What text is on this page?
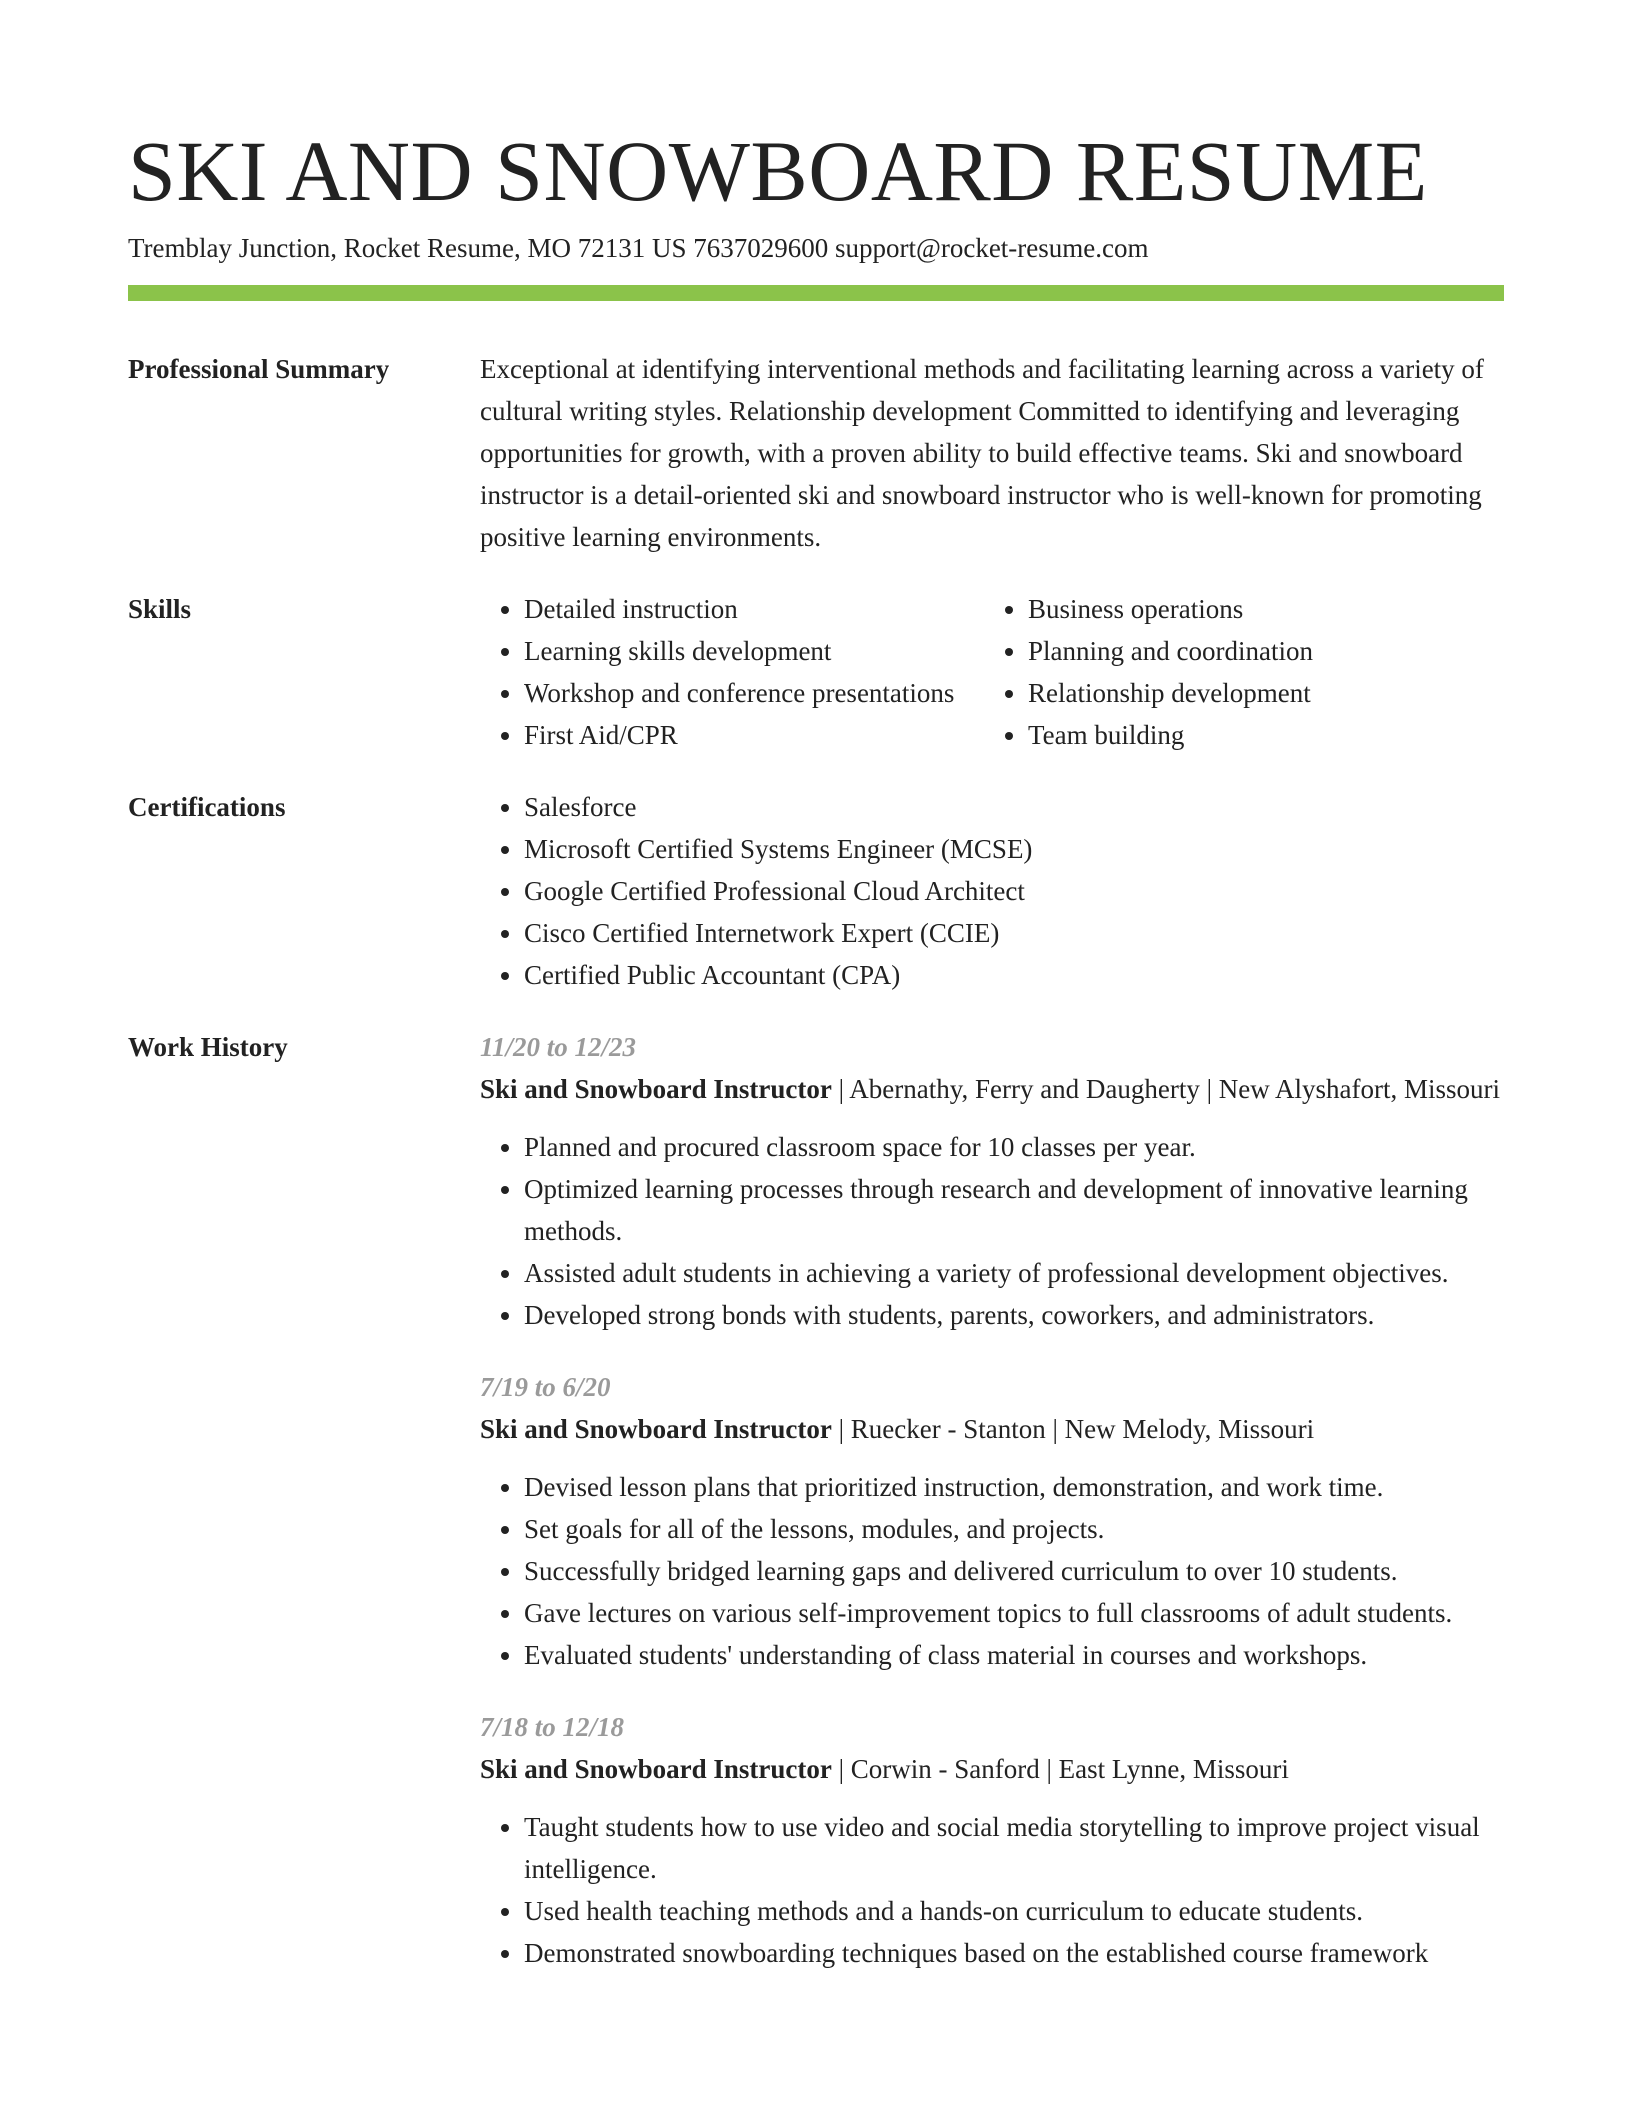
SKI AND SNOWBOARD RESUME
Tremblay Junction, Rocket Resume, MO 72131 US 7637029600 support@rocket-resume.com
Professional Summary	Exceptional at identifying interventional methods and facilitating learning across a variety of cultural writing styles. Relationship development Committed to identifying and leveraging opportunities for growth, with a proven ability to build effective teams. Ski and snowboard instructor is a detail-oriented ski and snowboard instructor who is well-known for promoting positive learning environments.

Skills	• Detailed instruction
• Learning skills development
• Workshop and conference presentations
• First Aid/CPR
• Business operations
• Planning and coordination
• Relationship development
• Team building
Certifications	• Salesforce
• Microsoft Certified Systems Engineer (MCSE)
• Google Certified Professional Cloud Architect
• Cisco Certified Internetwork Expert (CCIE)
• Certified Public Accountant (CPA)
Work History	11/20 to 12/23
Ski and Snowboard Instructor | Abernathy, Ferry and Daugherty | New Alyshafort, Missouri
• Planned and procured classroom space for 10 classes per year.
• Optimized learning processes through research and development of innovative learning methods.
• Assisted adult students in achieving a variety of professional development objectives.
• Developed strong bonds with students, parents, coworkers, and administrators.
7/19 to 6/20
Ski and Snowboard Instructor | Ruecker - Stanton | New Melody, Missouri
• Devised lesson plans that prioritized instruction, demonstration, and work time.
• Set goals for all of the lessons, modules, and projects.
• Successfully bridged learning gaps and delivered curriculum to over 10 students.
• Gave lectures on various self-improvement topics to full classrooms of adult students.
• Evaluated students' understanding of class material in courses and workshops.
7/18 to 12/18
Ski and Snowboard Instructor | Corwin - Sanford | East Lynne, Missouri
• Taught students how to use video and social media storytelling to improve project visual intelligence.
• Used health teaching methods and a hands-on curriculum to educate students.
• Demonstrated snowboarding techniques based on the established course framework
